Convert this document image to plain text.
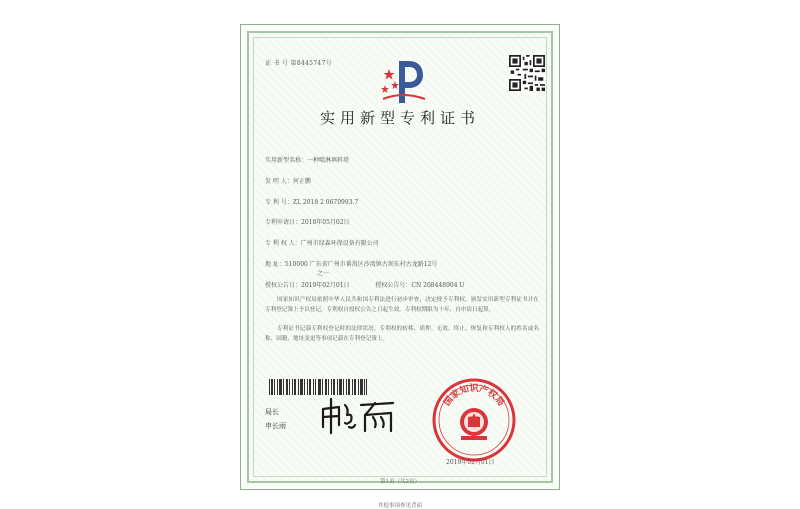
证 书 号 第8445747号
实用新型专利证书
实用新型名称：一种喷淋填料塔
发 明 人：何正鹏
专 利 号：ZL 2018 2 0670993.7
专利申请日：2018年05月02日
专 利 权 人：广州市绿森环保设备有限公司
地 址：510000 广东省广州市番禺区沙湾镇古坝东村古龙路12号
之一
授权公告日：2019年02月01日	授权公告号：CN 208448904 U
国家知识产权局依照中华人民共和国专利法进行初步审查，决定授予专利权，颁发实用新型专利证书并在专利登记簿上予以登记。专利权自授权公告之日起生效。专利权期限为十年，自申请日起算。
专利证书记载专利权登记时的法律状况。专利权的转移、质押、无效、终止、恢复和专利权人的姓名或名称、国籍、地址变更等事项记载在专利登记簿上。
局长
申长雨
国家知识产权局
2019年02月01日
第1页（共2页）
其他事项参见背面
